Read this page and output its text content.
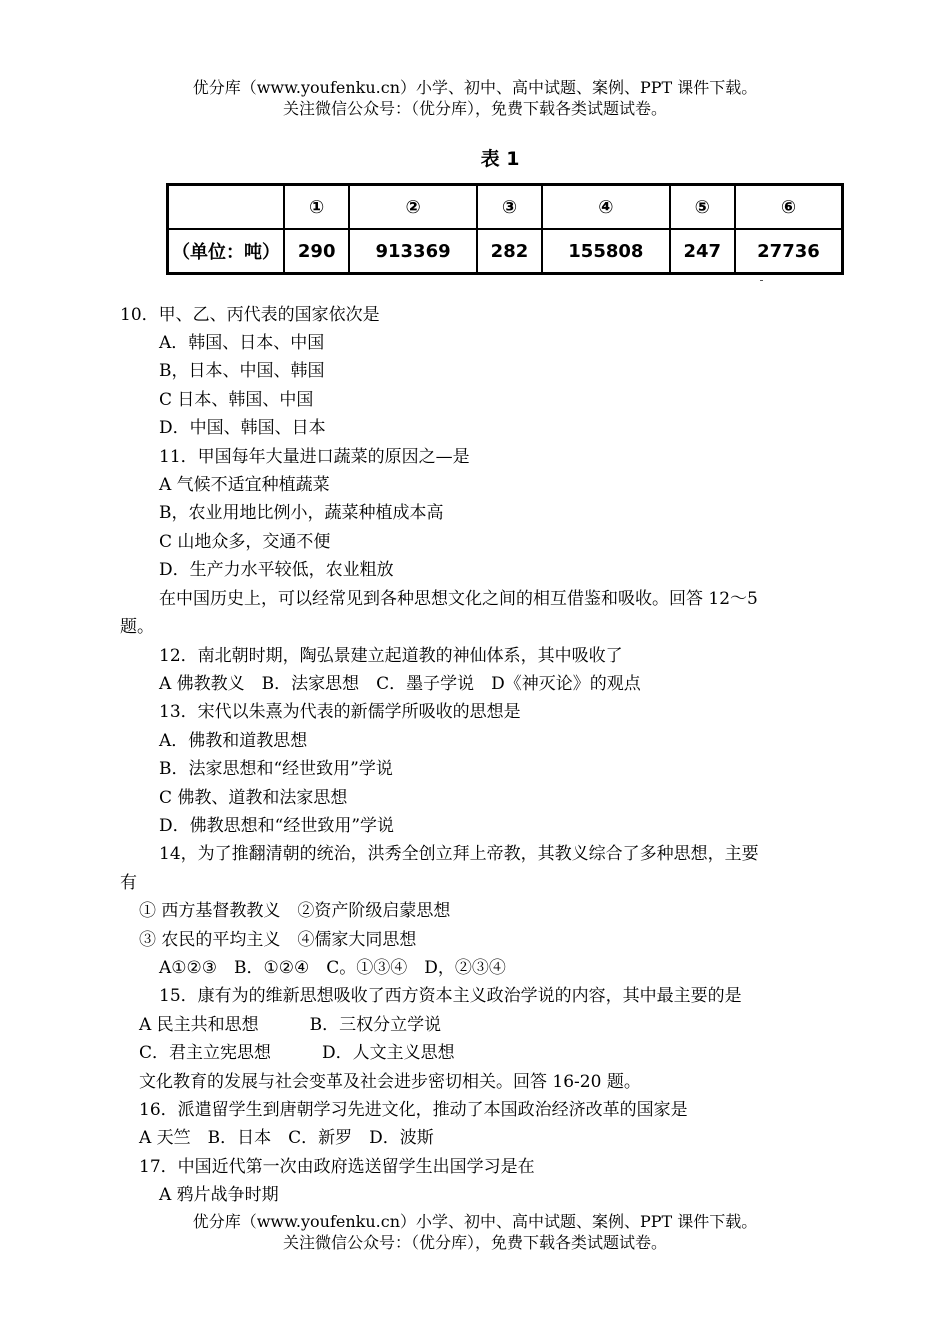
优分库（www.youfenku.cn）小学、初中、高中试题、案例、PPT 课件下载。
关注微信公众号：（优分库），免费下载各类试题试卷。
表 1
	①	②	③	④	⑤	⑥
（单位：吨）	290	913369	282	155808	247	27736
10．甲、乙、丙代表的国家依次是
A．韩国、日本、中国
B，日本、中国、韩国
C 日本、韩国、中国
D．中国、韩国、日本
11．甲国每年大量进口蔬菜的原因之—是
A 气候不适宜种植蔬菜
B，农业用地比例小，蔬菜种植成本高
C 山地众多，交通不便
D．生产力水平较低，农业粗放
在中国历史上，可以经常见到各种思想文化之间的相互借鉴和吸收。回答 12～5
题。
12．南北朝时期，陶弘景建立起道教的神仙体系，其中吸收了
A 佛教教义　B．法家思想　C．墨子学说　D《神灭论》的观点
13．宋代以朱熹为代表的新儒学所吸收的思想是
A．佛教和道教思想
B．法家思想和“经世致用”学说
C 佛教、道教和法家思想
D．佛教思想和“经世致用”学说
14，为了推翻清朝的统治，洪秀全创立拜上帝教，其教义综合了多种思想，主要
有
① 西方基督教教义　②资产阶级启蒙思想
③ 农民的平均主义　④儒家大同思想
A①②③　B．①②④　C。①③④　D，②③④
15．康有为的维新思想吸收了西方资本主义政治学说的内容，其中最主要的是
A 民主共和思想　　　B．三权分立学说
C．君主立宪思想　　　D．人文主义思想
文化教育的发展与社会变革及社会进步密切相关。回答 16-20 题。
16．派遣留学生到唐朝学习先进文化，推动了本国政治经济改革的国家是
A 天竺　B．日本　C．新罗　D．波斯
17．中国近代第一次由政府选送留学生出国学习是在
A 鸦片战争时期
优分库（www.youfenku.cn）小学、初中、高中试题、案例、PPT 课件下载。
关注微信公众号：（优分库），免费下载各类试题试卷。
